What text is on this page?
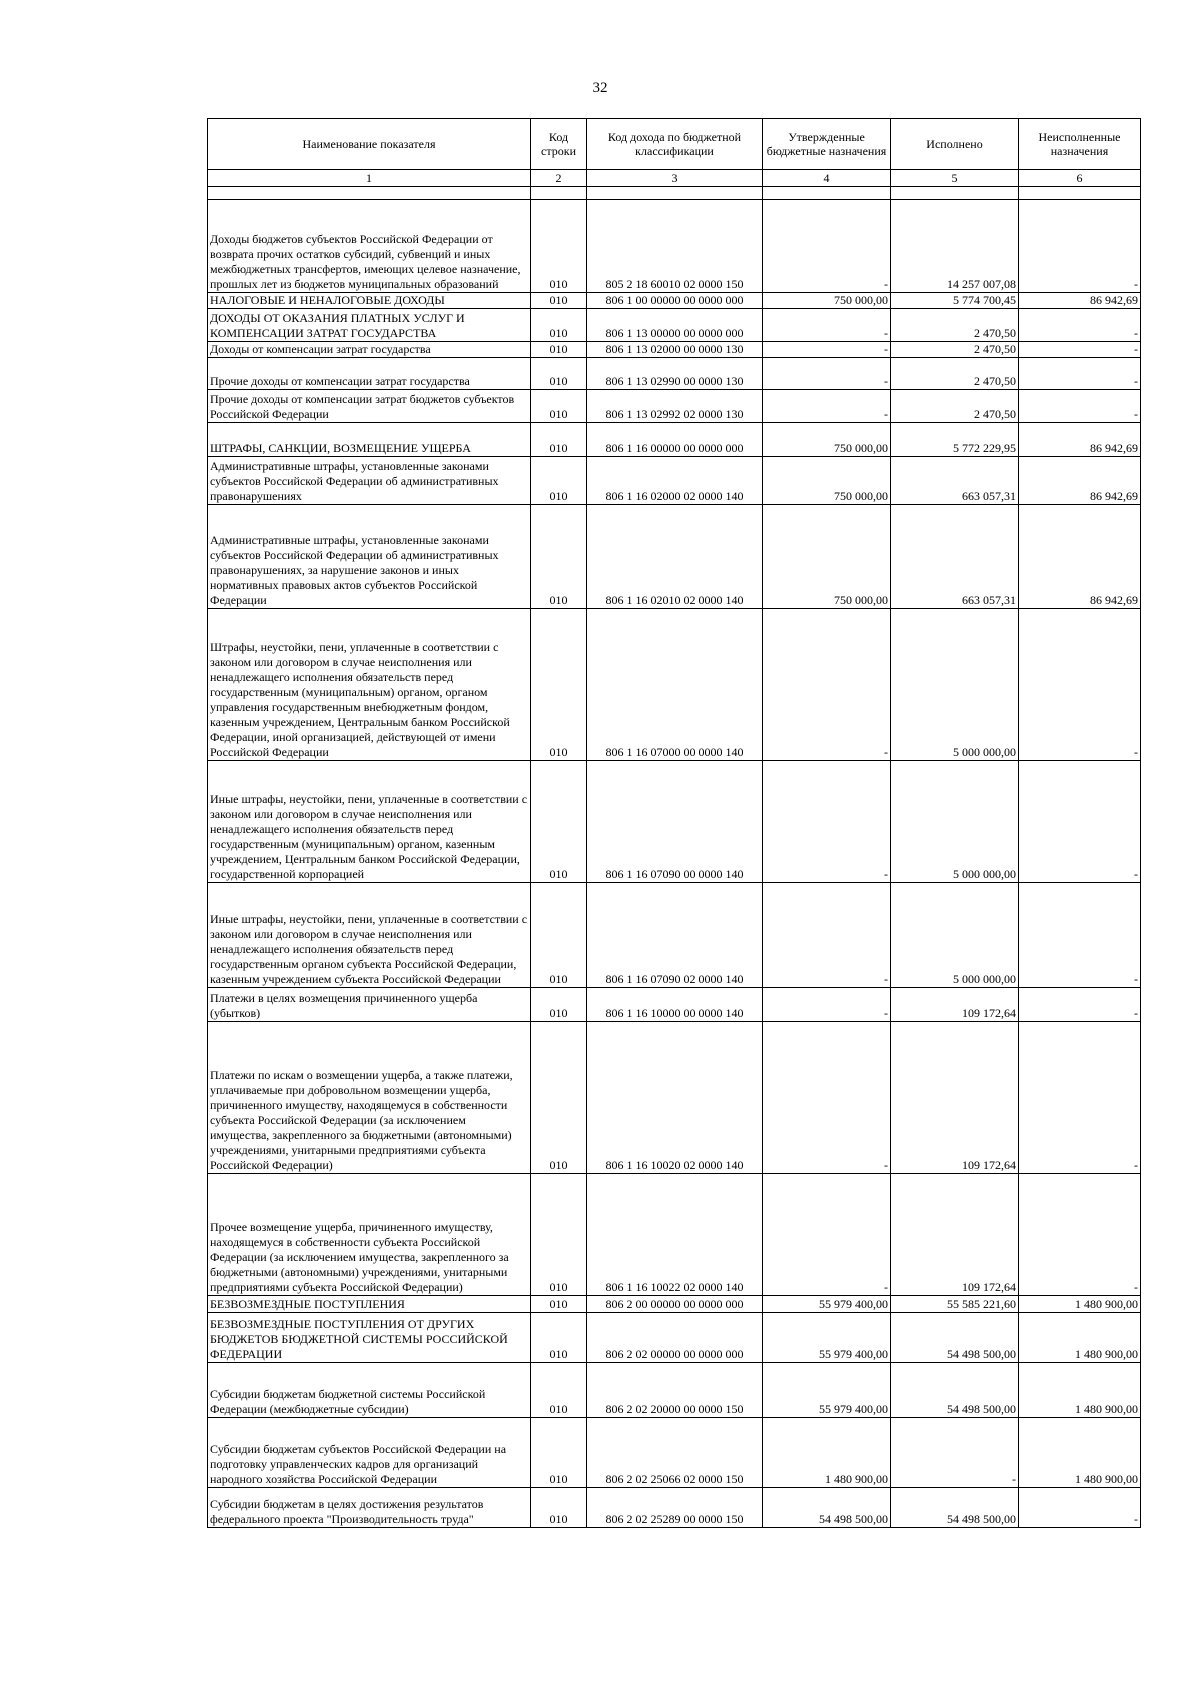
32
Наименование показателя	Код строки	Код дохода по бюджетной классификации	Утвержденные бюджетные назначения	Исполнено	Неисполненные назначения
1	2	3	4	5	6

Доходы бюджетов субъектов Российской Федерации от возврата прочих остатков субсидий, субвенций и иных межбюджетных трансфертов, имеющих целевое назначение, прошлых лет из бюджетов муниципальных образований	010	805 2 18 60010 02 0000 150	-	14 257 007,08	-
НАЛОГОВЫЕ И НЕНАЛОГОВЫЕ ДОХОДЫ	010	806 1 00 00000 00 0000 000	750 000,00	5 774 700,45	86 942,69
ДОХОДЫ ОТ ОКАЗАНИЯ ПЛАТНЫХ УСЛУГ И КОМПЕНСАЦИИ ЗАТРАТ ГОСУДАРСТВА	010	806 1 13 00000 00 0000 000	-	2 470,50	-
Доходы от компенсации затрат государства	010	806 1 13 02000 00 0000 130	-	2 470,50	-
Прочие доходы от компенсации затрат государства	010	806 1 13 02990 00 0000 130	-	2 470,50	-
Прочие доходы от компенсации затрат бюджетов субъектов Российской Федерации	010	806 1 13 02992 02 0000 130	-	2 470,50	-
ШТРАФЫ, САНКЦИИ, ВОЗМЕЩЕНИЕ УЩЕРБА	010	806 1 16 00000 00 0000 000	750 000,00	5 772 229,95	86 942,69
Административные штрафы, установленные законами субъектов Российской Федерации об административных правонарушениях	010	806 1 16 02000 02 0000 140	750 000,00	663 057,31	86 942,69
Административные штрафы, установленные законами субъектов Российской Федерации об административных правонарушениях, за нарушение законов и иных нормативных правовых актов субъектов Российской Федерации	010	806 1 16 02010 02 0000 140	750 000,00	663 057,31	86 942,69
Штрафы, неустойки, пени, уплаченные в соответствии с законом или договором в случае неисполнения или ненадлежащего исполнения обязательств перед государственным (муниципальным) органом, органом управления государственным внебюджетным фондом, казенным учреждением, Центральным банком Российской Федерации, иной организацией, действующей от имени Российской Федерации	010	806 1 16 07000 00 0000 140	-	5 000 000,00	-
Иные штрафы, неустойки, пени, уплаченные в соответствии с законом или договором в случае неисполнения или ненадлежащего исполнения обязательств перед государственным (муниципальным) органом, казенным учреждением, Центральным банком Российской Федерации, государственной корпорацией	010	806 1 16 07090 00 0000 140	-	5 000 000,00	-
Иные штрафы, неустойки, пени, уплаченные в соответствии с законом или договором в случае неисполнения или ненадлежащего исполнения обязательств перед государственным органом субъекта Российской Федерации, казенным учреждением субъекта Российской Федерации	010	806 1 16 07090 02 0000 140	-	5 000 000,00	-
Платежи в целях возмещения причиненного ущерба (убытков)	010	806 1 16 10000 00 0000 140	-	109 172,64	-
Платежи по искам о возмещении ущерба, а также платежи, уплачиваемые при добровольном возмещении ущерба, причиненного имуществу, находящемуся в собственности субъекта Российской Федерации (за исключением имущества, закрепленного за бюджетными (автономными) учреждениями, унитарными предприятиями субъекта Российской Федерации)	010	806 1 16 10020 02 0000 140	-	109 172,64	-
Прочее возмещение ущерба, причиненного имуществу, находящемуся в собственности субъекта Российской Федерации (за исключением имущества, закрепленного за бюджетными (автономными) учреждениями, унитарными предприятиями субъекта Российской Федерации)	010	806 1 16 10022 02 0000 140	-	109 172,64	-
БЕЗВОЗМЕЗДНЫЕ ПОСТУПЛЕНИЯ	010	806 2 00 00000 00 0000 000	55 979 400,00	55 585 221,60	1 480 900,00
БЕЗВОЗМЕЗДНЫЕ ПОСТУПЛЕНИЯ ОТ ДРУГИХ БЮДЖЕТОВ БЮДЖЕТНОЙ СИСТЕМЫ РОССИЙСКОЙ ФЕДЕРАЦИИ	010	806 2 02 00000 00 0000 000	55 979 400,00	54 498 500,00	1 480 900,00
Субсидии бюджетам бюджетной системы Российской Федерации (межбюджетные субсидии)	010	806 2 02 20000 00 0000 150	55 979 400,00	54 498 500,00	1 480 900,00
Субсидии бюджетам субъектов Российской Федерации на подготовку управленческих кадров для организаций народного хозяйства Российской Федерации	010	806 2 02 25066 02 0000 150	1 480 900,00	-	1 480 900,00
Субсидии бюджетам в целях достижения результатов федерального проекта "Производительность труда"	010	806 2 02 25289 00 0000 150	54 498 500,00	54 498 500,00	-
